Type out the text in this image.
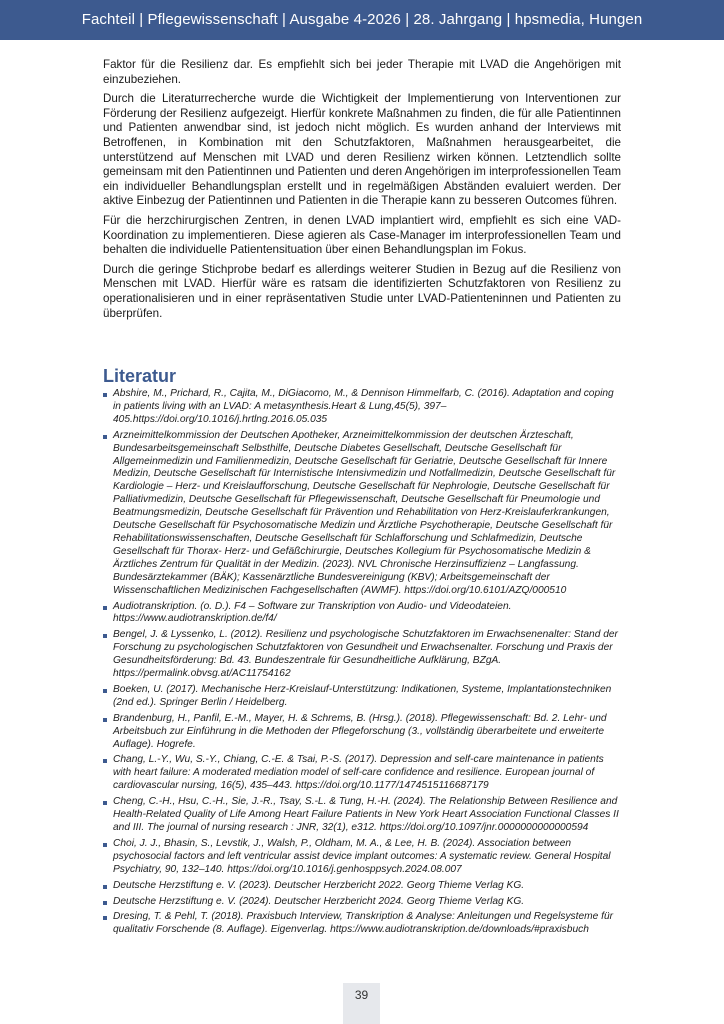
Fachteil | Pflegewissenschaft | Ausgabe 4-2026 | 28. Jahrgang | hpsmedia, Hungen

Faktor für die Resilienz dar. Es empfiehlt sich bei jeder Therapie mit LVAD die Angehörigen mit einzubeziehen.

Durch die Literaturrecherche wurde die Wichtigkeit der Implementierung von Interventionen zur Förderung der Resilienz aufgezeigt. Hierfür konkrete Maßnahmen zu finden, die für alle Patientinnen und Patienten anwendbar sind, ist jedoch nicht möglich. Es wurden anhand der Interviews mit Betroffenen, in Kombination mit den Schutzfaktoren, Maßnahmen herausgearbeitet, die unterstützend auf Menschen mit LVAD und deren Resilienz wirken können. Letztendlich sollte gemeinsam mit den Patientinnen und Patienten und deren Angehörigen im interprofessionellen Team ein individueller Behandlungsplan erstellt und in regelmäßigen Abständen evaluiert werden. Der aktive Einbezug der Patientinnen und Patienten in die Therapie kann zu besseren Outcomes führen.

Für die herzchirurgischen Zentren, in denen LVAD implantiert wird, empfiehlt es sich eine VAD-Koordination zu implementieren. Diese agieren als Case-Manager im interprofessionellen Team und behalten die individuelle Patientensituation über einen Behandlungsplan im Fokus.

Durch die geringe Stichprobe bedarf es allerdings weiterer Studien in Bezug auf die Resilienz von Menschen mit LVAD. Hierfür wäre es ratsam die identifizierten Schutzfaktoren von Resilienz zu operationalisieren und in einer repräsentativen Studie unter LVAD-Patienteninnen und Patienten zu überprüfen.

Literatur
Abshire, M., Prichard, R., Cajita, M., DiGiacomo, M., & Dennison Himmelfarb, C. (2016). Adaptation and coping in patients living with an LVAD: A metasynthesis.Heart & Lung,45(5), 397–405.https://doi.org/10.1016/j.hrtlng.2016.05.035
Arzneimittelkommission der Deutschen Apotheker, Arzneimittelkommission der deutschen Ärzteschaft, Bundesarbeitsgemeinschaft Selbsthilfe, Deutsche Diabetes Gesellschaft, Deutsche Gesellschaft für Allgemeinmedizin und Familienmedizin, Deutsche Gesellschaft für Geriatrie, Deutsche Gesellschaft für Innere Medizin, Deutsche Gesellschaft für Internistische Intensivmedizin und Notfallmedizin, Deutsche Gesellschaft für Kardiologie – Herz- und Kreislaufforschung, Deutsche Gesellschaft für Nephrologie, Deutsche Gesellschaft für Palliativmedizin, Deutsche Gesellschaft für Pflegewissenschaft, Deutsche Gesellschaft für Pneumologie und Beatmungsmedizin, Deutsche Gesellschaft für Prävention und Rehabilitation von Herz-Kreislauferkrankungen, Deutsche Gesellschaft für Psychosomatische Medizin und Ärztliche Psychotherapie, Deutsche Gesellschaft für Rehabilitationswissenschaften, Deutsche Gesellschaft für Schlafforschung und Schlafmedizin, Deutsche Gesellschaft für Thorax- Herz- und Gefäßchirurgie, Deutsches Kollegium für Psychosomatische Medizin & Ärztliches Zentrum für Qualität in der Medizin. (2023). NVL Chronische Herzinsuffizienz – Langfassung. Bundesärztekammer (BÄK); Kassenärztliche Bundesvereinigung (KBV); Arbeitsgemeinschaft der Wissenschaftlichen Medizinischen Fachgesellschaften (AWMF). https://doi.org/10.6101/AZQ/000510
Audiotranskription. (o. D.). F4 – Software zur Transkription von Audio- und Videodateien. https://www.audiotranskription.de/f4/
Bengel, J. & Lyssenko, L. (2012). Resilienz und psychologische Schutzfaktoren im Erwachsenenalter: Stand der Forschung zu psychologischen Schutzfaktoren von Gesundheit und Erwachsenalter. Forschung und Praxis der Gesundheitsförderung: Bd. 43. Bundeszentrale für Gesundheitliche Aufklärung, BZgA. https://permalink.obvsg.at/AC11754162
Boeken, U. (2017). Mechanische Herz-Kreislauf-Unterstützung: Indikationen, Systeme, Implantationstechniken (2nd ed.). Springer Berlin / Heidelberg.
Brandenburg, H., Panfil, E.-M., Mayer, H. & Schrems, B. (Hrsg.). (2018). Pflegewissenschaft: Bd. 2. Lehr- und Arbeitsbuch zur Einführung in die Methoden der Pflegeforschung (3., vollständig überarbeitete und erweiterte Auflage). Hogrefe.
Chang, L.-Y., Wu, S.-Y., Chiang, C.-E. & Tsai, P.-S. (2017). Depression and self-care maintenance in patients with heart failure: A moderated mediation model of self-care confidence and resilience. European journal of cardiovascular nursing, 16(5), 435–443. https://doi.org/10.1177/1474515116687179
Cheng, C.-H., Hsu, C.-H., Sie, J.-R., Tsay, S.-L. & Tung, H.-H. (2024). The Relationship Between Resilience and Health-Related Quality of Life Among Heart Failure Patients in New York Heart Association Functional Classes II and III. The journal of nursing research : JNR, 32(1), e312. https://doi.org/10.1097/jnr.0000000000000594
Choi, J. J., Bhasin, S., Levstik, J., Walsh, P., Oldham, M. A., & Lee, H. B. (2024). Association between psychosocial factors and left ventricular assist device implant outcomes: A systematic review. General Hospital Psychiatry, 90, 132–140. https://doi.org/10.1016/j.genhosppsych.2024.08.007
Deutsche Herzstiftung e. V. (2023). Deutscher Herzbericht 2022. Georg Thieme Verlag KG.
Deutsche Herzstiftung e. V. (2024). Deutscher Herzbericht 2024. Georg Thieme Verlag KG.
Dresing, T. & Pehl, T. (2018). Praxisbuch Interview, Transkription & Analyse: Anleitungen und Regelsysteme für qualitativ Forschende (8. Auflage). Eigenverlag. https://www.audiotranskription.de/downloads/#praxisbuch
39
